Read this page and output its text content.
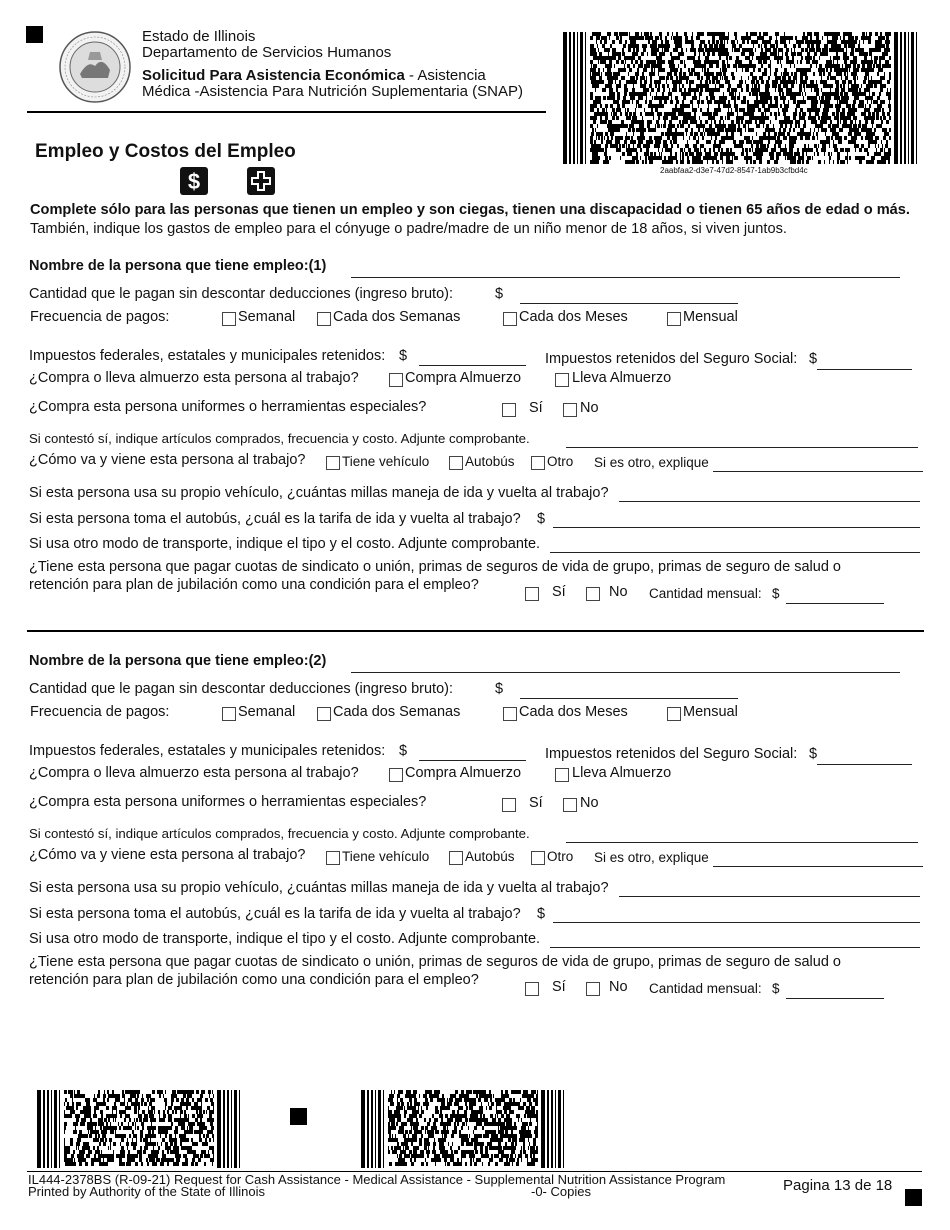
Estado de Illinois
Departamento de Servicios Humanos
Solicitud Para Asistencia Económica - Asistencia
Médica -Asistencia Para Nutrición Suplementaria (SNAP)
2aabfaa2-d3e7-47d2-8547-1ab9b3cfbd4c
Empleo y Costos del Empleo
$
Complete sólo para las personas que tienen un empleo y son ciegas, tienen una discapacidad o tienen 65 años de edad o más. También, indique los gastos de empleo para el cónyuge o padre/madre de un niño menor de 18 años, si viven juntos.
Nombre de la persona que tiene empleo:(1)
Cantidad que le pagan sin descontar deducciones (ingreso bruto):	$
Frecuencia de pagos:	Semanal	Cada dos Semanas	Cada dos Meses	Mensual
Impuestos federales, estatales y municipales retenidos: $	Impuestos retenidos del Seguro Social: $
¿Compra o lleva almuerzo esta persona al trabajo?	Compra Almuerzo	Lleva Almuerzo
¿Compra esta persona uniformes o herramientas especiales?	Sí	No
Si contestó sí, indique artículos comprados, frecuencia y costo. Adjunte comprobante.
¿Cómo va y viene esta persona al trabajo?	Tiene vehículo	Autobús Otro Si es otro, explique
Si esta persona usa su propio vehículo, ¿cuántas millas maneja de ida y vuelta al trabajo?
Si esta persona toma el autobús, ¿cuál es la tarifa de ida y vuelta al trabajo? $
Si usa otro modo de transporte, indique el tipo y el costo. Adjunte comprobante.
¿Tiene esta persona que pagar cuotas de sindicato o unión, primas de seguros de vida de grupo, primas de seguro de salud o
retención para plan de jubilación como una condición para el empleo?	Sí	No Cantidad mensual: $
Nombre de la persona que tiene empleo:(2)
Cantidad que le pagan sin descontar deducciones (ingreso bruto):	$
Frecuencia de pagos:	Semanal	Cada dos Semanas	Cada dos Meses	Mensual
Impuestos federales, estatales y municipales retenidos: $	Impuestos retenidos del Seguro Social: $
¿Compra o lleva almuerzo esta persona al trabajo?	Compra Almuerzo	Lleva Almuerzo
¿Compra esta persona uniformes o herramientas especiales?	Sí	No
Si contestó sí, indique artículos comprados, frecuencia y costo. Adjunte comprobante.
¿Cómo va y viene esta persona al trabajo?	Tiene vehículo	Autobús Otro Si es otro, explique
Si esta persona usa su propio vehículo, ¿cuántas millas maneja de ida y vuelta al trabajo?
Si esta persona toma el autobús, ¿cuál es la tarifa de ida y vuelta al trabajo? $
Si usa otro modo de transporte, indique el tipo y el costo. Adjunte comprobante.
¿Tiene esta persona que pagar cuotas de sindicato o unión, primas de seguros de vida de grupo, primas de seguro de salud o
retención para plan de jubilación como una condición para el empleo?	Sí	No Cantidad mensual: $
IL444-2378BS (R-09-21) Request for Cash Assistance - Medical Assistance - Supplemental Nutrition Assistance Program
Printed by Authority of the State of Illinois	-0- Copies	Pagina 13 de 18
